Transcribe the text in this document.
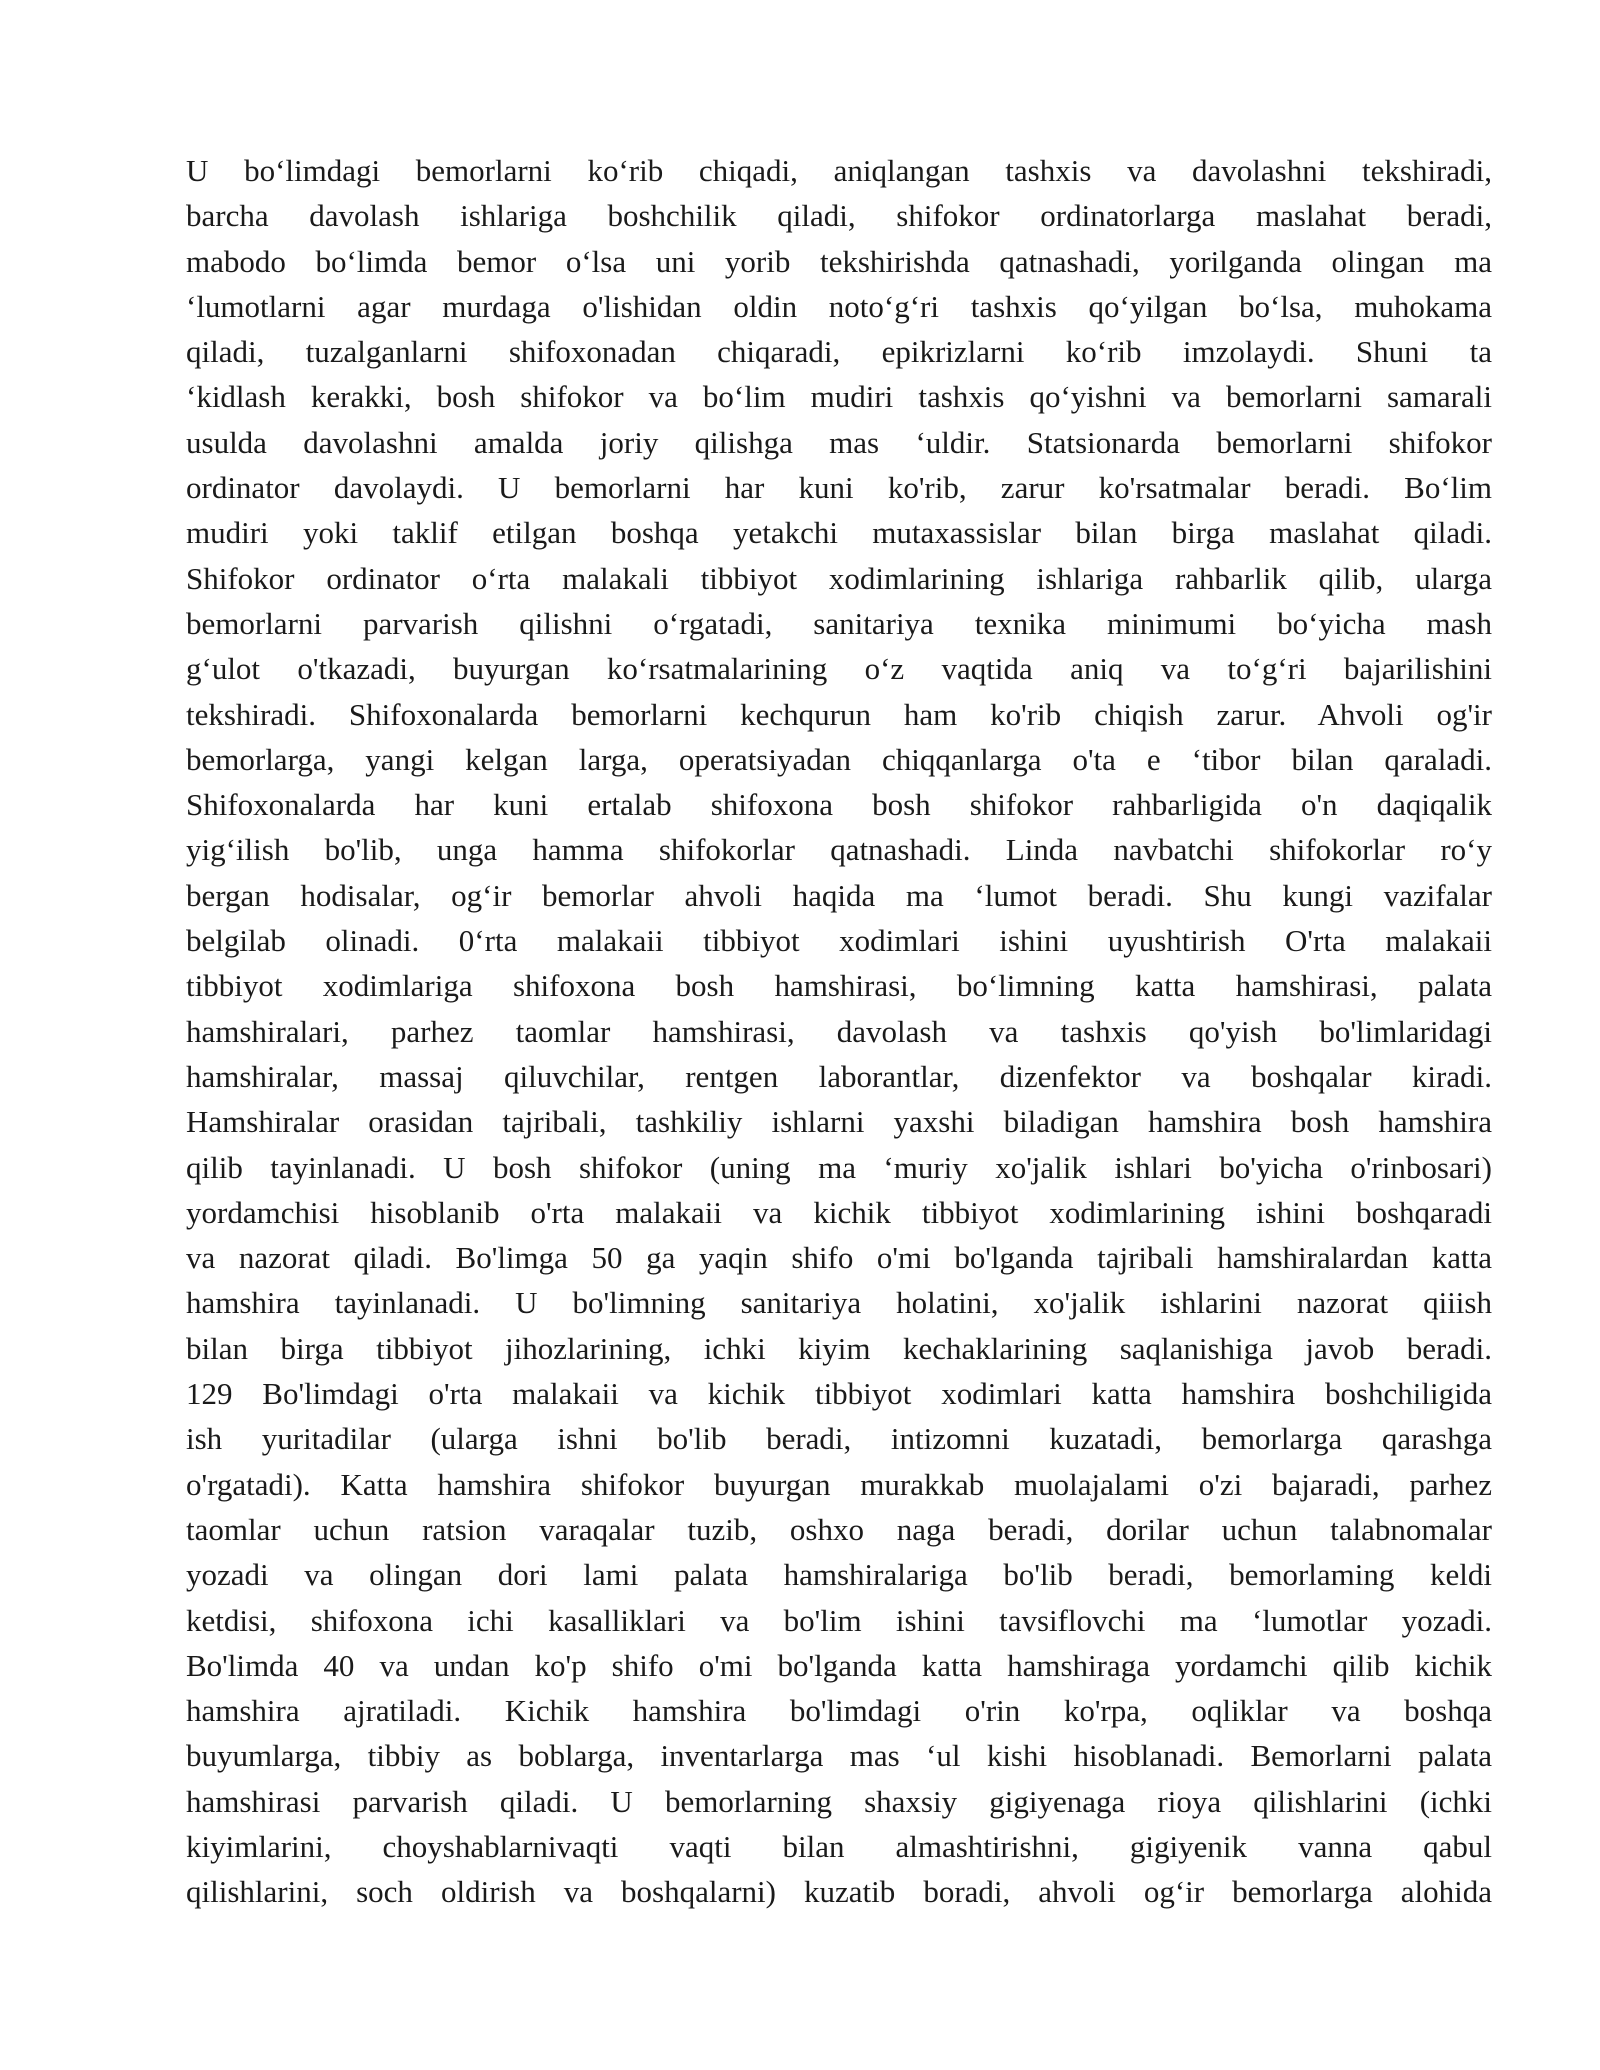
U bo‘limdagi bemorlarni ko‘rib chiqadi, aniqlangan tashxis va davolashni tekshiradi,
barcha davolash ishlariga boshchilik qiladi, shifokor ordinatorlarga maslahat beradi,
mabodo bo‘limda bemor o‘lsa uni yorib tekshirishda qatnashadi, yorilganda olingan ma
‘lumotlarni agar murdaga o'lishidan oldin noto‘g‘ri tashxis qo‘yilgan bo‘lsa, muhokama
qiladi, tuzalganlarni shifoxonadan chiqaradi, epikrizlarni ko‘rib imzolaydi. Shuni ta
‘kidlash kerakki, bosh shifokor va bo‘lim mudiri tashxis qo‘yishni va bemorlarni samarali
usulda davolashni amalda joriy qilishga mas ‘uldir. Statsionarda bemorlarni shifokor
ordinator davolaydi. U bemorlarni har kuni ko'rib, zarur ko'rsatmalar beradi. Bo‘lim
mudiri yoki taklif etilgan boshqa yetakchi mutaxassislar bilan birga maslahat qiladi.
Shifokor ordinator o‘rta malakali tibbiyot xodimlarining ishlariga rahbarlik qilib, ularga
bemorlarni parvarish qilishni o‘rgatadi, sanitariya texnika minimumi bo‘yicha mash
g‘ulot o'tkazadi, buyurgan ko‘rsatmalarining o‘z vaqtida aniq va to‘g‘ri bajarilishini
tekshiradi. Shifoxonalarda bemorlarni kechqurun ham ko'rib chiqish zarur. Ahvoli og'ir
bemorlarga, yangi kelgan larga, operatsiyadan chiqqanlarga o'ta e ‘tibor bilan qaraladi.
Shifoxonalarda har kuni ertalab shifoxona bosh shifokor rahbarligida o'n daqiqalik
yig‘ilish bo'lib, unga hamma shifokorlar qatnashadi. Linda navbatchi shifokorlar ro‘y
bergan hodisalar, og‘ir bemorlar ahvoli haqida ma ‘lumot beradi. Shu kungi vazifalar
belgilab olinadi. 0‘rta malakaii tibbiyot xodimlari ishini uyushtirish O'rta malakaii
tibbiyot xodimlariga shifoxona bosh hamshirasi, bo‘limning katta hamshirasi, palata
hamshiralari, parhez taomlar hamshirasi, davolash va tashxis qo'yish bo'limlaridagi
hamshiralar, massaj qiluvchilar, rentgen laborantlar, dizenfektor va boshqalar kiradi.
Hamshiralar orasidan tajribali, tashkiliy ishlarni yaxshi biladigan hamshira bosh hamshira
qilib tayinlanadi. U bosh shifokor (uning ma ‘muriy xo'jalik ishlari bo'yicha o'rinbosari)
yordamchisi hisoblanib o'rta malakaii va kichik tibbiyot xodimlarining ishini boshqaradi
va nazorat qiladi. Bo'limga 50 ga yaqin shifo o'mi bo'lganda tajribali hamshiralardan katta
hamshira tayinlanadi. U bo'limning sanitariya holatini, xo'jalik ishlarini nazorat qiiish
bilan birga tibbiyot jihozlarining, ichki kiyim kechaklarining saqlanishiga javob beradi.
129 Bo'limdagi o'rta malakaii va kichik tibbiyot xodimlari katta hamshira boshchiligida
ish yuritadilar (ularga ishni bo'lib beradi, intizomni kuzatadi, bemorlarga qarashga
o'rgatadi). Katta hamshira shifokor buyurgan murakkab muolajalami o'zi bajaradi, parhez
taomlar uchun ratsion varaqalar tuzib, oshxo naga beradi, dorilar uchun talabnomalar
yozadi va olingan dori lami palata hamshiralariga bo'lib beradi, bemorlaming keldi
ketdisi, shifoxona ichi kasalliklari va bo'lim ishini tavsiflovchi ma ‘lumotlar yozadi.
Bo'limda 40 va undan ko'p shifo o'mi bo'lganda katta hamshiraga yordamchi qilib kichik
hamshira ajratiladi. Kichik hamshira bo'limdagi o'rin ko'rpa, oqliklar va boshqa
buyumlarga, tibbiy as boblarga, inventarlarga mas ‘ul kishi hisoblanadi. Bemorlarni palata
hamshirasi parvarish qiladi. U bemorlarning shaxsiy gigiyenaga rioya qilishlarini (ichki
kiyimlarini, choyshablarnivaqti vaqti bilan almashtirishni, gigiyenik vanna qabul
qilishlarini, soch oldirish va boshqalarni) kuzatib boradi, ahvoli og‘ir bemorlarga alohida
